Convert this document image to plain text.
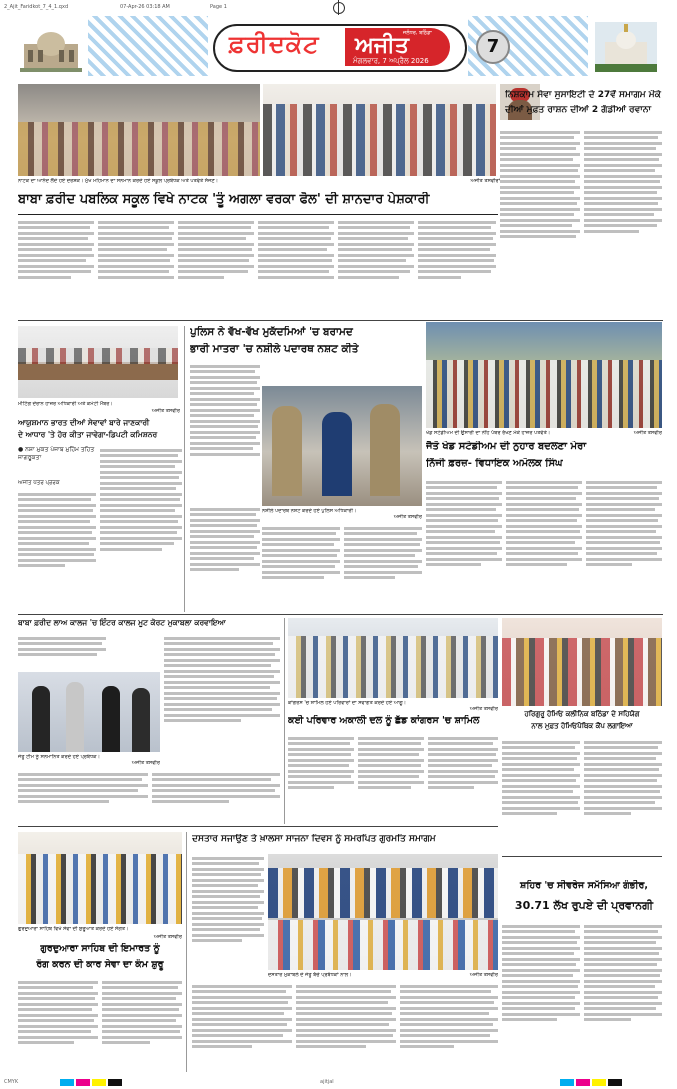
2_Ajit_Faridkot_7_4_1.qxd	07-Apr-26 03:18 AM	Page 1
ਫ਼ਰੀਦਕੋਟ ਅਜੀਤ
ਜਲੰਧਰ, ਬਠਿੰਡਾ
ਮੰਗਲਵਾਰ, 7 ਅਪ੍ਰੈਲ 2026
7
ਨਾਟਕ ਦਾ ਆਨੰਦ ਲੈਂਦੇ ਹੋਏ ਦਰਸ਼ਕ। ਮੁੱਖ ਮਹਿਮਾਨ ਦਾ ਸਨਮਾਨ ਕਰਦੇ ਹੋਏ ਸਕੂਲ ਪ੍ਰਬੰਧਕ ਅਤੇ ਪਤਵੰਤੇ ਸੱਜਣ।	ਅਜੀਤ ਤਸਵੀਰਾਂ
ਬਾਬਾ ਫ਼ਰੀਦ ਪਬਲਿਕ ਸਕੂਲ ਵਿਖੇ ਨਾਟਕ 'ਤੂੰ ਅਗਲਾ ਵਰਕਾ ਫੋਲ' ਦੀ ਸ਼ਾਨਦਾਰ ਪੇਸ਼ਕਾਰੀ
ਨਿਸ਼ਕਾਮ ਸੇਵਾ ਸੁਸਾਇਟੀ ਦੇ 27ਵੇਂ ਸਮਾਗਮ ਮੌਕੇ
ਦੀਆਂ ਮੁਫ਼ਤ ਰਾਸ਼ਨ ਦੀਆਂ 2 ਗੱਡੀਆਂ ਰਵਾਨਾ
ਮੀਟਿੰਗ ਦੌਰਾਨ ਹਾਜ਼ਰ ਅਧਿਕਾਰੀ ਅਤੇ ਕਮੇਟੀ ਮੈਂਬਰ।
ਅਜੀਤ ਤਸਵੀਰ
ਆਯੁਸ਼ਮਾਨ ਭਾਰਤ ਦੀਆਂ ਸੇਵਾਵਾਂ ਬਾਰੇ ਜਾਣਕਾਰੀ
ਦੇ ਆਧਾਰ 'ਤੇ ਹੋਰ ਕੀਤਾ ਜਾਵੇਗਾ-ਡਿਪਟੀ ਕਮਿਸ਼ਨਰ
● ਨਸ਼ਾ ਮੁਕਤ ਪੰਜਾਬ ਮੁਹਿੰਮ ਤਹਿਤ ਜਾਗਰੂਕਤਾ
ਅਜੀਤ ਪੱਤਰ ਪ੍ਰੇਰਕ
ਪੁਲਿਸ ਨੇ ਵੱਖ-ਵੱਖ ਮੁਕੱਦਮਿਆਂ 'ਚ ਬਰਾਮਦ
ਭਾਰੀ ਮਾਤਰਾ 'ਚ ਨਸ਼ੀਲੇ ਪਦਾਰਥ ਨਸ਼ਟ ਕੀਤੇ
ਨਸ਼ੀਲੇ ਪਦਾਰਥ ਨਸ਼ਟ ਕਰਦੇ ਹੋਏ ਪੁਲਿਸ ਅਧਿਕਾਰੀ।
ਅਜੀਤ ਤਸਵੀਰ
ਖੇਡ ਸਟੇਡੀਅਮ ਦੀ ਉਸਾਰੀ ਦਾ ਨੀਂਹ ਪੱਥਰ ਰੱਖਣ ਮੌਕੇ ਹਾਜ਼ਰ ਪਤਵੰਤੇ।	ਅਜੀਤ ਤਸਵੀਰ
ਜੈਤੋ ਖੇਡ ਸਟੇਡੀਅਮ ਦੀ ਨੁਹਾਰ ਬਦਲਣਾ ਮੇਰਾ
ਨਿੱਜੀ ਫ਼ਰਜ਼- ਵਿਧਾਇਕ ਅਮੋਲਕ ਸਿੰਘ
ਬਾਬਾ ਫ਼ਰੀਦ ਲਾਅ ਕਾਲਜ 'ਚ ਇੰਟਰ ਕਾਲਜ ਮੂਟ ਕੋਰਟ ਮੁਕਾਬਲਾ ਕਰਵਾਇਆ
ਜੇਤੂ ਟੀਮ ਨੂੰ ਸਨਮਾਨਿਤ ਕਰਦੇ ਹੋਏ ਪ੍ਰਬੰਧਕ।
ਅਜੀਤ ਤਸਵੀਰ
ਕਾਂਗਰਸ 'ਚ ਸ਼ਾਮਿਲ ਹੋਏ ਪਰਿਵਾਰਾਂ ਦਾ ਸਵਾਗਤ ਕਰਦੇ ਹੋਏ ਆਗੂ।
ਅਜੀਤ ਤਸਵੀਰ
ਕਈ ਪਰਿਵਾਰ ਅਕਾਲੀ ਦਲ ਨੂੰ ਛੱਡ ਕਾਂਗਰਸ 'ਚ ਸ਼ਾਮਿਲ
ਹਰਿਗੁਰੂ ਹੋਮਿਓ ਕਲੀਨਿਕ ਬਠਿੰਡਾ ਦੇ ਸਹਿਯੋਗ
ਨਾਲ ਮੁਫ਼ਤ ਹੋਮਿਓਪੈਥਿਕ ਕੈਂਪ ਲਗਾਇਆ
ਗੁਰਦੁਆਰਾ ਸਾਹਿਬ ਵਿਖੇ ਸੇਵਾ ਦੀ ਸ਼ੁਰੂਆਤ ਕਰਦੇ ਹੋਏ ਸੰਗਤ।
ਅਜੀਤ ਤਸਵੀਰ
ਗੁਰਦੁਆਰਾ ਸਾਹਿਬ ਦੀ ਇਮਾਰਤ ਨੂੰ
ਰੰਗ ਕਰਨ ਦੀ ਕਾਰ ਸੇਵਾ ਦਾ ਕੰਮ ਸ਼ੁਰੂ
ਦਸਤਾਰ ਸਜਾਉਣ ਤੇ ਖ਼ਾਲਸਾ ਸਾਜਨਾ ਦਿਵਸ ਨੂੰ ਸਮਰਪਿਤ ਗੁਰਮਤਿ ਸਮਾਗਮ
ਦਸਤਾਰ ਮੁਕਾਬਲੇ ਦੇ ਜੇਤੂ ਬੱਚੇ ਪ੍ਰਬੰਧਕਾਂ ਨਾਲ।	ਅਜੀਤ ਤਸਵੀਰ
ਸ਼ਹਿਰ 'ਚ ਸੀਵਰੇਜ ਸਮੱਸਿਆ ਗੰਭੀਰ,
30.71 ਲੱਖ ਰੁਪਏ ਦੀ ਪ੍ਰਵਾਨਗੀ
CMYK	ajitjal
